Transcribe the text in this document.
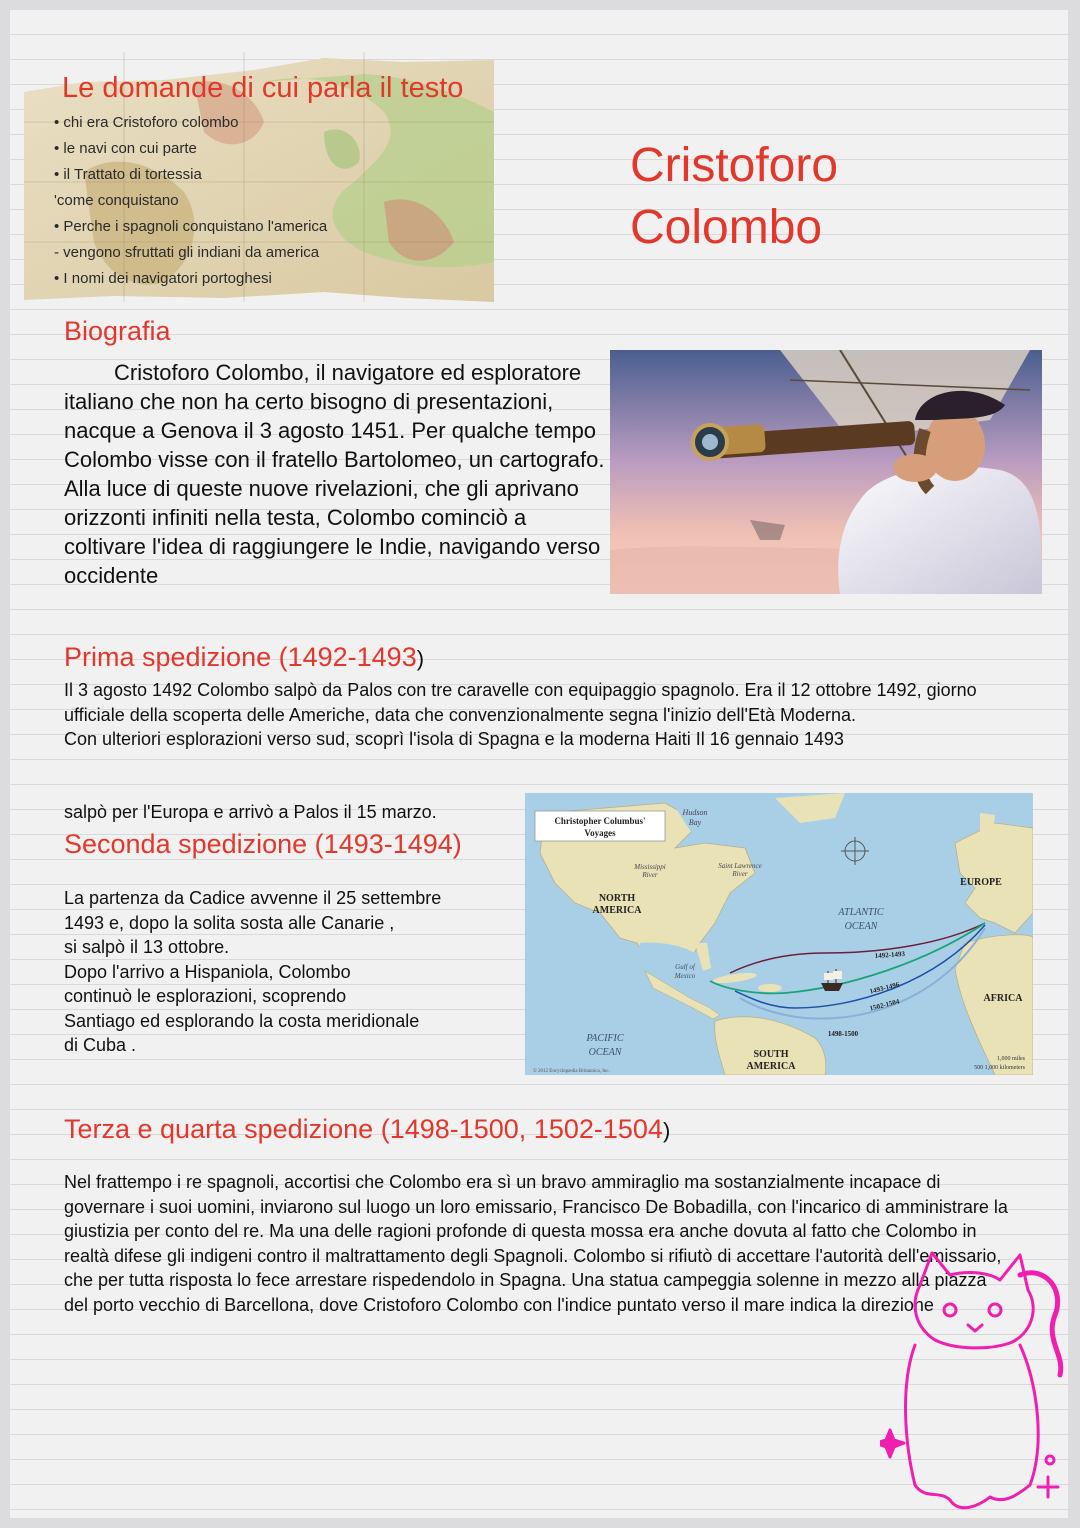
Le domande di cui parla il testo
• chi era Cristoforo colombo
• le navi con cui parte
• il Trattato di tortessia
'come conquistano
• Perche i spagnoli conquistano l'america
- vengono sfruttati gli indiani da america
• I nomi dei navigatori portoghesi
Cristoforo
Colombo
Biografia
Cristoforo Colombo, il navigatore ed esploratore italiano che non ha certo bisogno di presentazioni, nacque a Genova il 3 agosto 1451. Per qualche tempo Colombo visse con il fratello Bartolomeo, un cartografo. Alla luce di queste nuove rivelazioni, che gli aprivano orizzonti infiniti nella testa, Colombo cominciò a coltivare l'idea di raggiungere le Indie, navigando verso occidente
Prima spedizione (1492-1493)
Il 3 agosto 1492 Colombo salpò da Palos con tre caravelle con equipaggio spagnolo. Era il 12 ottobre 1492, giorno ufficiale della scoperta delle Americhe, data che convenzionalmente segna l'inizio dell'Età Moderna.
Con ulteriori esplorazioni verso sud, scoprì l'isola di Spagna e la moderna Haiti Il 16 gennaio 1493
salpò per l'Europa e arrivò a Palos il 15 marzo.
Seconda spedizione (1493-1494)
La partenza da Cadice avvenne il 25 settembre
1493 e, dopo la solita sosta alle Canarie ,
si salpò il 13 ottobre.
Dopo l'arrivo a Hispaniola, Colombo
continuò le esplorazioni, scoprendo
Santiago ed esplorando la costa meridionale
di Cuba .
Christopher Columbus'
Voyages
Hudson
Bay
Saint Lawrence
River
Mississippi
River
NORTH
AMERICA	ATLANTIC
OCEAN
EUROPE
AFRICA
Gulf of
Mexico
PACIFIC
OCEAN	SOUTH
AMERICA
1492-1493
1493-1496
1502-1504
1498-1500
1,000 miles
500 1,000 kilometers
© 2012 Encyclopædia Britannica, Inc.
Terza e quarta spedizione (1498-1500, 1502-1504)
Nel frattempo i re spagnoli, accortisi che Colombo era sì un bravo ammiraglio ma sostanzialmente incapace di governare i suoi uomini, inviarono sul luogo un loro emissario, Francisco De Bobadilla, con l'incarico di amministrare la giustizia per conto del re. Ma una delle ragioni profonde di questa mossa era anche dovuta al fatto che Colombo in realtà difese gli indigeni contro il maltrattamento degli Spagnoli. Colombo si rifiutò di accettare l'autorità dell'emissario, che per tutta risposta lo fece arrestare rispedendolo in Spagna. Una statua campeggia solenne in mezzo alla piazza del porto vecchio di Barcellona, dove Cristoforo Colombo con l'indice puntato verso il mare indica la direzione
